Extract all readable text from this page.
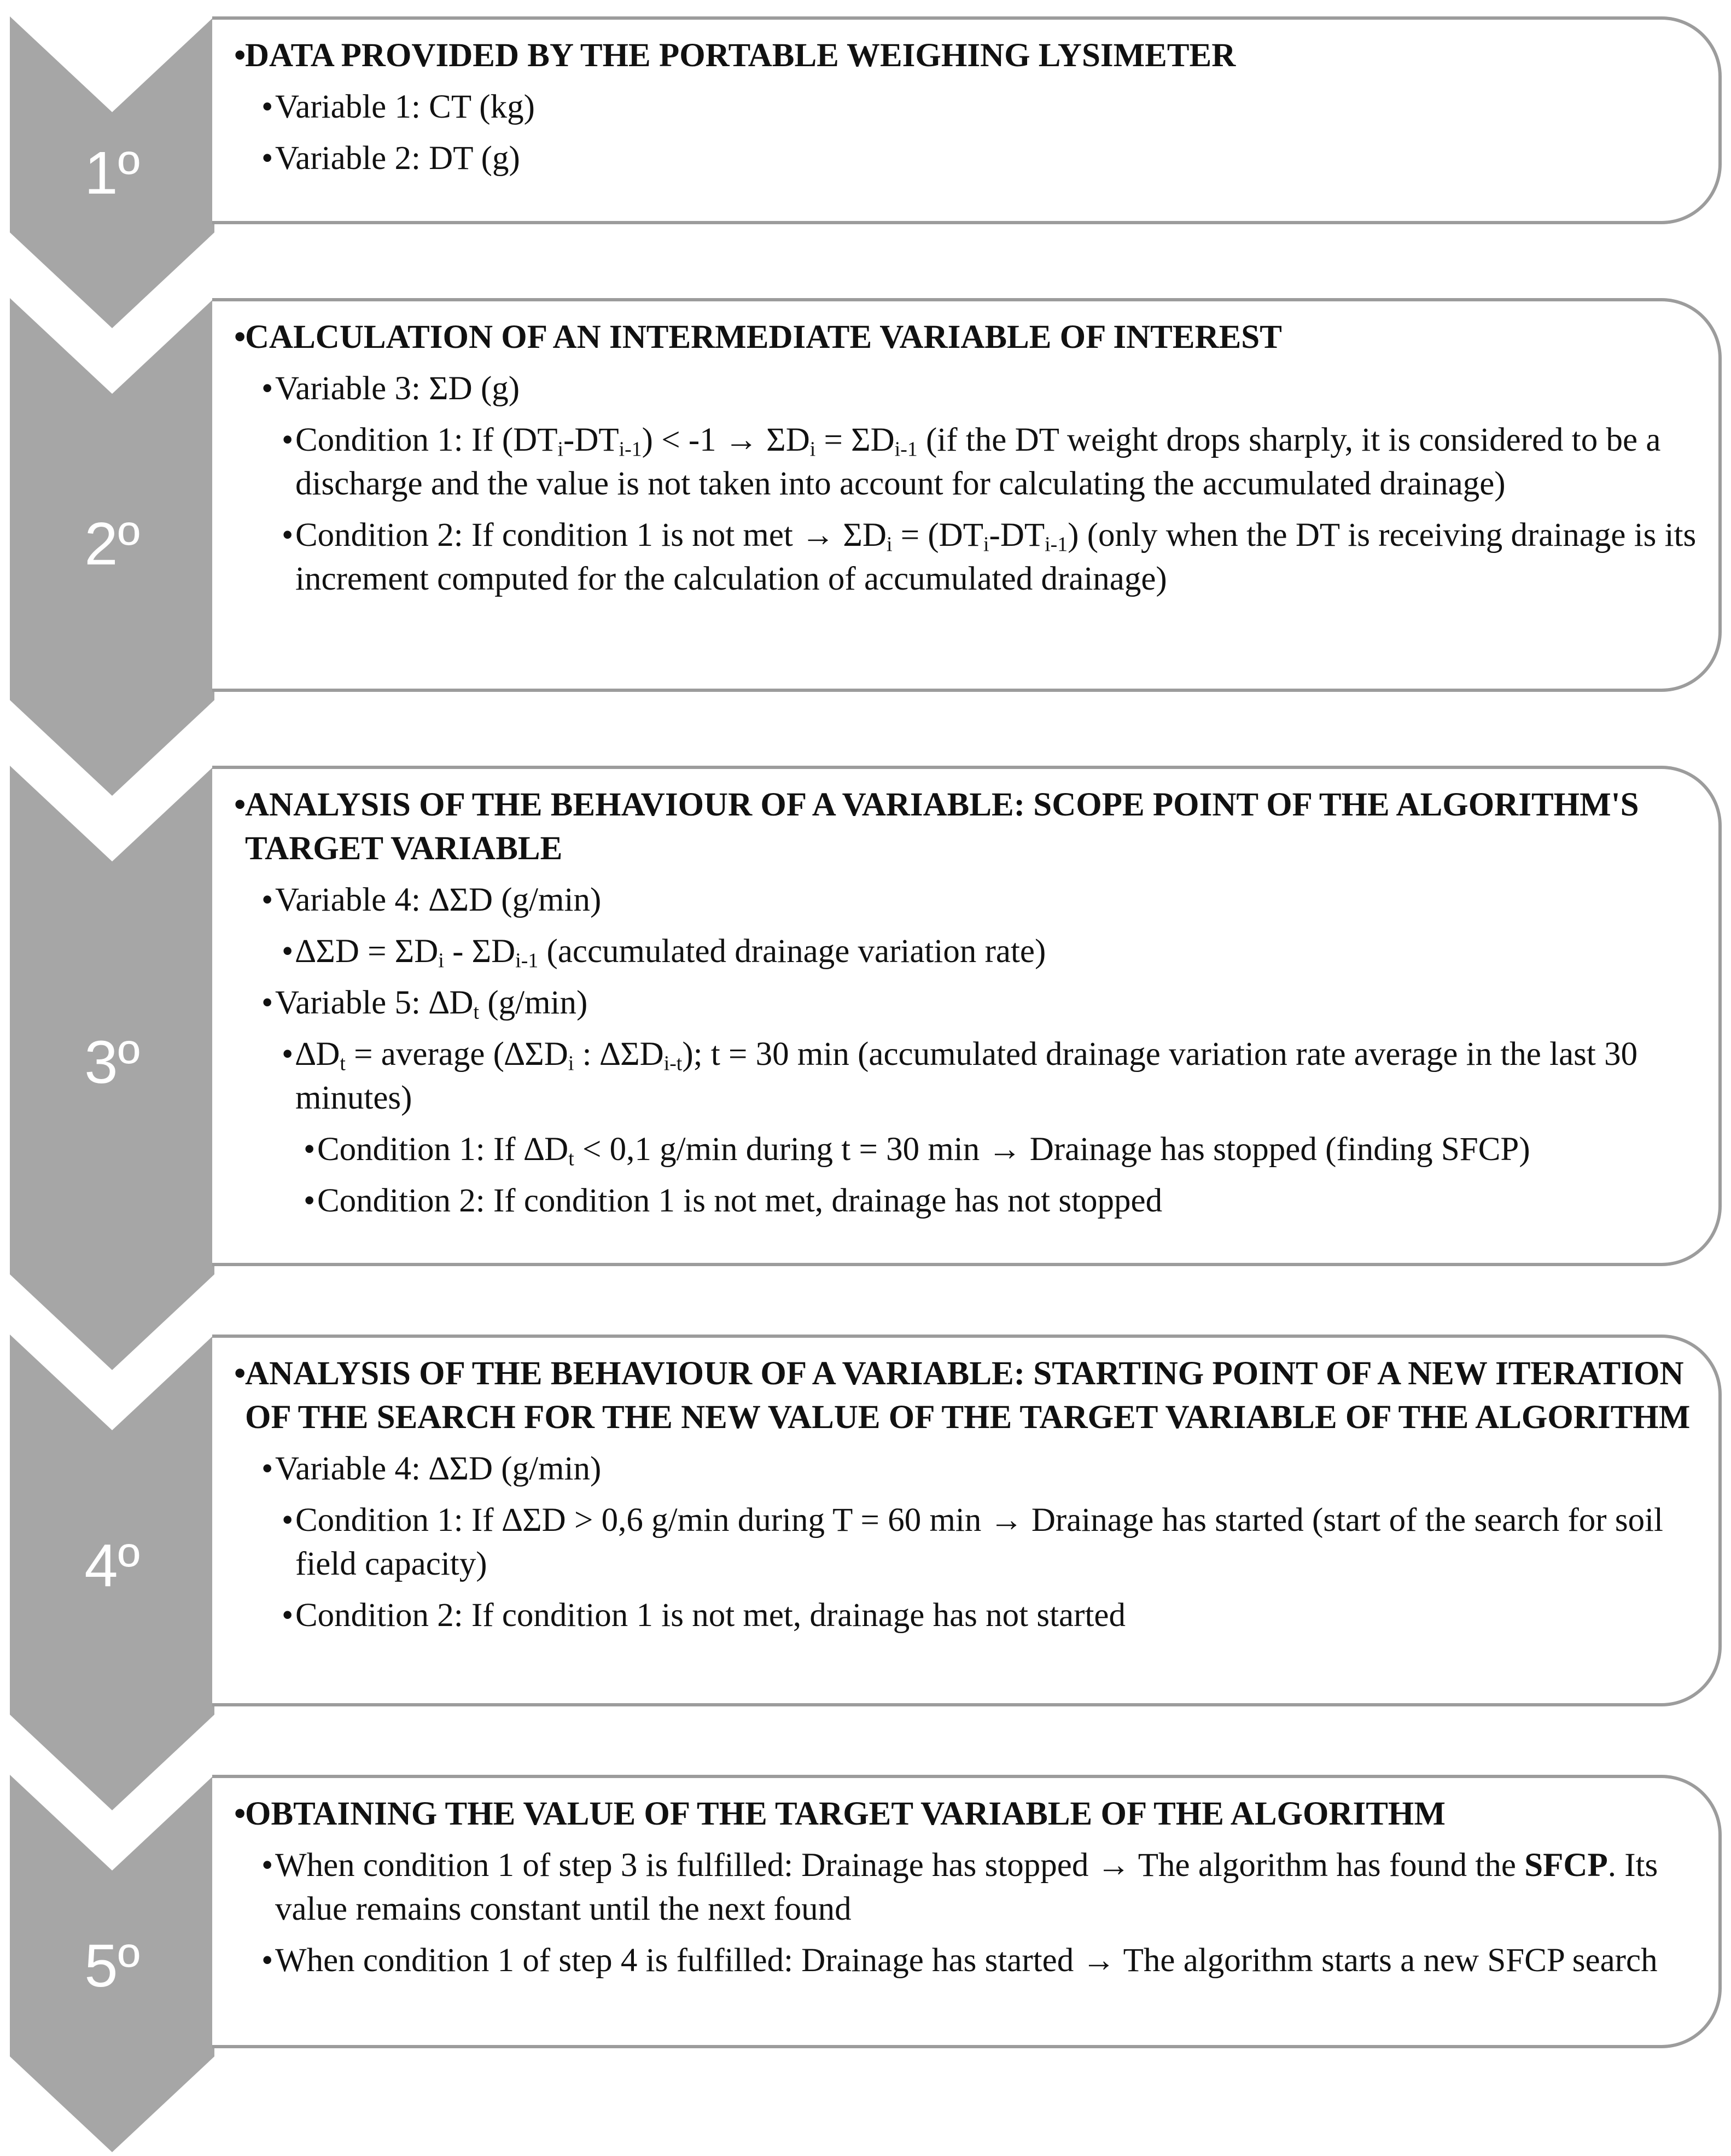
1º
2º
3º
4º
5º
• DATA PROVIDED BY THE PORTABLE WEIGHING LYSIMETER
• Variable 1: CT (kg)
• Variable 2: DT (g)
• CALCULATION OF AN INTERMEDIATE VARIABLE OF INTEREST
• Variable 3: ΣD (g)
• Condition 1: If $(DT_i-DT_{i-1}) < -1 \to \Sigma D_i = \Sigma D_{i-1}$ (if the DT weight drops sharply, it is considered to be a discharge and the value is not taken into account for calculating the accumulated drainage)
• Condition 2: If condition 1 is not met → $\Sigma D_i = (DT_i-DT_{i-1})$ (only when the DT is receiving drainage is its increment computed for the calculation of accumulated drainage)
• ANALYSIS OF THE BEHAVIOUR OF A VARIABLE: SCOPE POINT OF THE ALGORITHM'S TARGET VARIABLE
• Variable 4: ∆ΣD (g/min)
• $\Delta\Sigma D = \Sigma D_i - \Sigma D_{i-1}$ (accumulated drainage variation rate)
• Variable 5: $\Delta D_t$ (g/min)
• $\Delta D_t$ = average ($\Delta\Sigma D_i$ : $\Delta\Sigma D_{i-t}$); t = 30 min (accumulated drainage variation rate average in the last 30 minutes)
• Condition 1: If $\Delta D_t < 0,1$ g/min during t = 30 min → Drainage has stopped (finding SFCP)
• Condition 2: If condition 1 is not met, drainage has not stopped
• ANALYSIS OF THE BEHAVIOUR OF A VARIABLE: STARTING POINT OF A NEW ITERATION OF THE SEARCH FOR THE NEW VALUE OF THE TARGET VARIABLE OF THE ALGORITHM
• Variable 4: ∆ΣD (g/min)
• Condition 1: If ∆ΣD > 0,6 g/min during T = 60 min → Drainage has started (start of the search for soil field capacity)
• Condition 2: If condition 1 is not met, drainage has not started
• OBTAINING THE VALUE OF THE TARGET VARIABLE OF THE ALGORITHM
• When condition 1 of step 3 is fulfilled: Drainage has stopped → The algorithm has found the SFCP. Its value remains constant until the next found
• When condition 1 of step 4 is fulfilled: Drainage has started → The algorithm starts a new SFCP search
